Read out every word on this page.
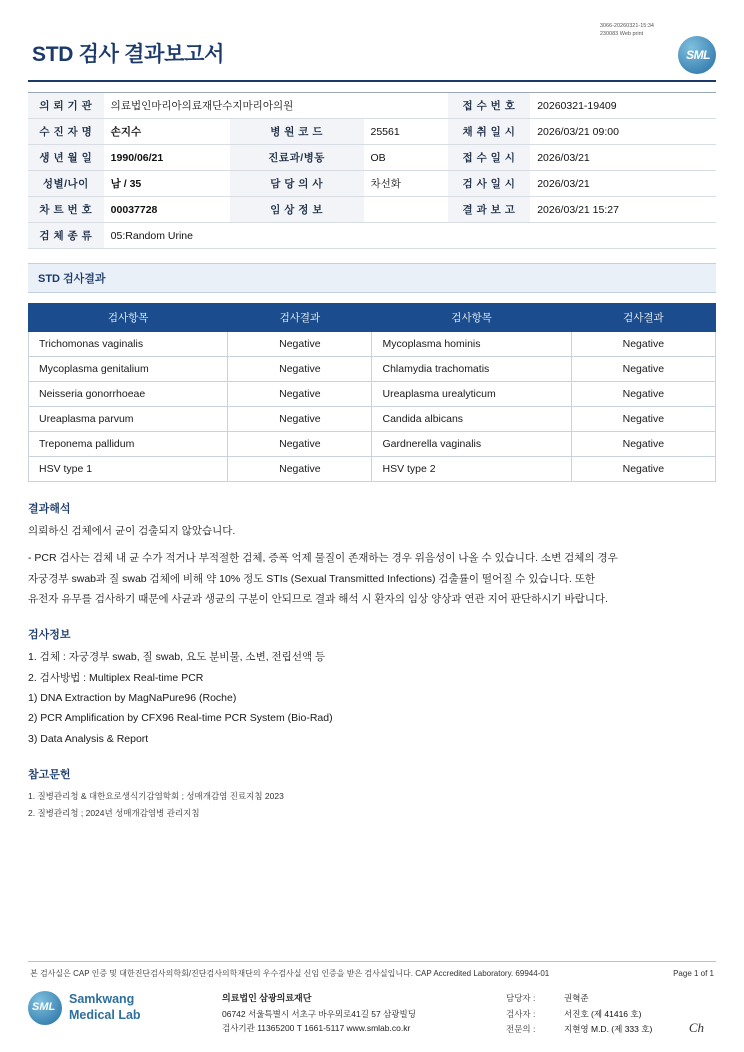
STD 검사 결과보고서
3066-20260321-15:34
230083 Web print
SML
의 뢰 기 관	의료법인마리아의료재단수지마리아의원			접 수 번 호	20260321-19409
수 진 자 명	손지수	병 원 코 드	25561	채 취 일 시	2026/03/21 09:00
생 년 월 일	1990/06/21	진료과/병동	OB	접 수 일 시	2026/03/21
성별/나이	남 / 35	담 당 의 사	차선화	검 사 일 시	2026/03/21
차 트 번 호	00037728	임 상 정 보		결 과 보 고	2026/03/21 15:27
검 체 종 류	05:Random Urine				
STD 검사결과
검사항목	검사결과	검사항목	검사결과
Trichomonas vaginalis	Negative	Mycoplasma hominis	Negative
Mycoplasma genitalium	Negative	Chlamydia trachomatis	Negative
Neisseria gonorrhoeae	Negative	Ureaplasma urealyticum	Negative
Ureaplasma parvum	Negative	Candida albicans	Negative
Treponema pallidum	Negative	Gardnerella vaginalis	Negative
HSV type 1	Negative	HSV type 2	Negative
결과해석

의뢰하신 검체에서 균이 검출되지 않았습니다.

- PCR 검사는 검체 내 균 수가 적거나 부적절한 검체, 증폭 억제 물질이 존재하는 경우 위음성이 나올 수 있습니다. 소변 검체의 경우

자궁경부 swab과 질 swab 검체에 비해 약 10% 정도 STIs (Sexual Transmitted Infections) 검출률이 떨어질 수 있습니다. 또한

유전자 유무를 검사하기 때문에 사균과 생균의 구분이 안되므로 결과 해석 시 환자의 임상 양상과 연관 지어 판단하시기 바랍니다.

검사정보

1. 검체 : 자궁경부 swab, 질 swab, 요도 분비물, 소변, 전립선액 등

2. 검사방법 : Multiplex Real-time PCR

1) DNA Extraction by MagNaPure96 (Roche)

2) PCR Amplification by CFX96 Real-time PCR System (Bio-Rad)

3) Data Analysis & Report

참고문헌

1. 질병관리청 & 대한요로생식기감염학회 ; 성매개감염 진료지침 2023

2. 질병관리청 ; 2024년 성매개감염병 관리지침

본 검사실은 CAP 인증 및 대한진단검사의학회/진단검사의학재단의 우수검사실 신임 인증을 받은 검사실입니다. CAP Accredited Laboratory. 69944-01	Page 1 of 1
SML
Samkwang
Medical Lab
의료법인 삼광의료재단
06742 서울특별시 서초구 바우뫼로41길 57 삼광빌딩
검사기관 11365200 T 1661-5117 www.smlab.co.kr
담당자 :	권혁준
검사자 :	서진호 (제 41416 호)
전문의 :	지현영 M.D. (제 333 호)	Ch
